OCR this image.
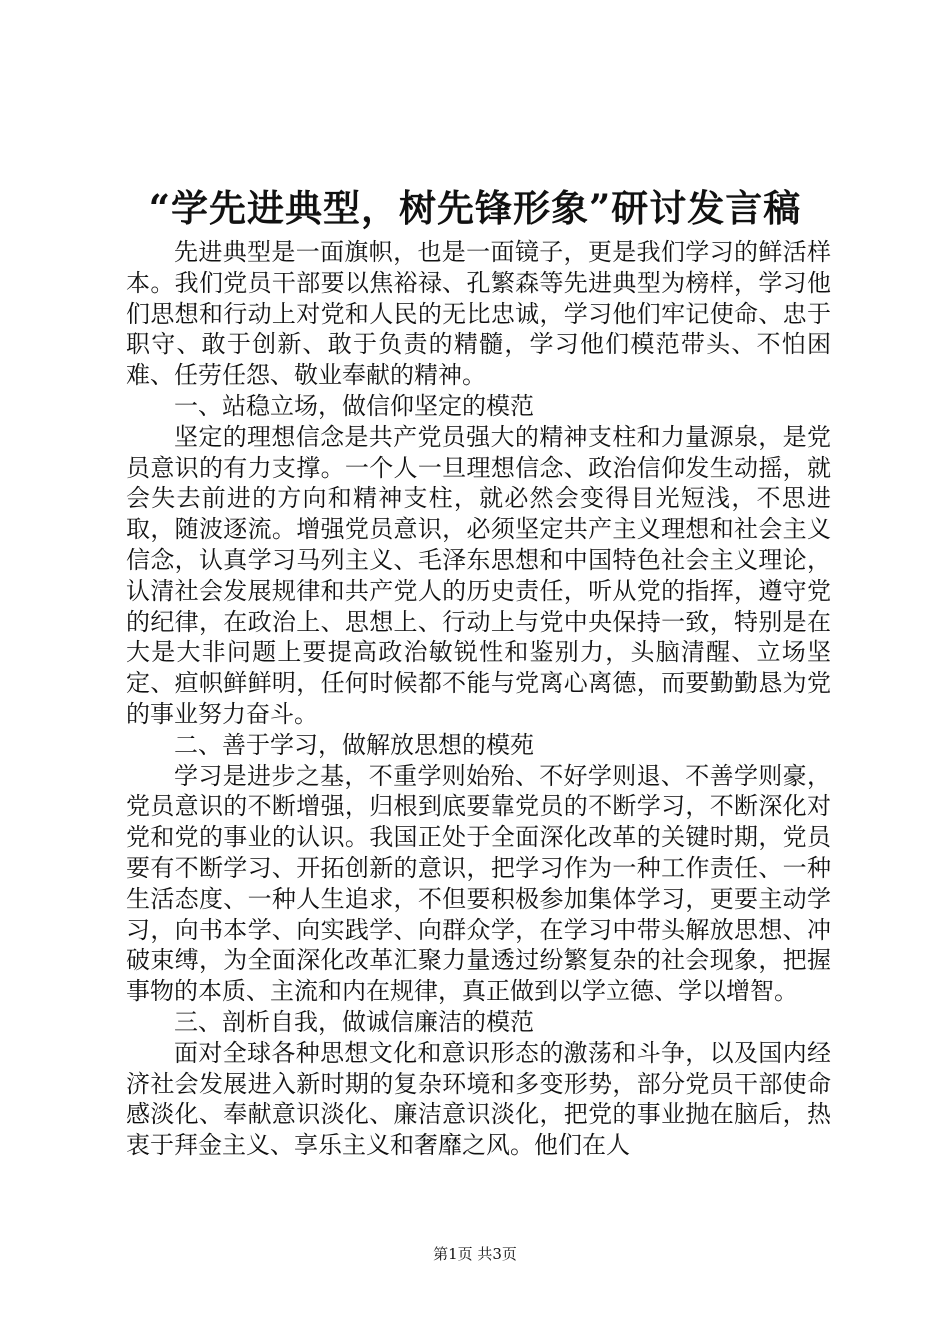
“学先进典型，树先锋形象”研讨发言稿

先进典型是一面旗帜，也是一面镜子，更是我们学习的鲜活样本。我们党员干部要以焦裕禄、孔繁森等先进典型为榜样，学习他们思想和行动上对党和人民的无比忠诚，学习他们牢记使命、忠于职守、敢于创新、敢于负责的精髓，学习他们模范带头、不怕困难、任劳任怨、敬业奉献的精神。

一、站稳立场，做信仰坚定的模范

坚定的理想信念是共产党员强大的精神支柱和力量源泉，是党员意识的有力支撑。一个人一旦理想信念、政治信仰发生动摇，就会失去前进的方向和精神支柱，就必然会变得目光短浅，不思进取，随波逐流。增强党员意识，必须坚定共产主义理想和社会主义信念，认真学习马列主义、毛泽东思想和中国特色社会主义理论，认清社会发展规律和共产党人的历史责任，听从党的指挥，遵守党的纪律，在政治上、思想上、行动上与党中央保持一致，特别是在大是大非问题上要提高政治敏锐性和鉴别力，头脑清醒、立场坚定、疸帜鲜鲜明，任何时候都不能与党离心离德，而要勤勤恳为党的事业努力奋斗。

二、善于学习，做解放思想的模苑

学习是进步之基，不重学则始殆、不好学则退、不善学则豪，党员意识的不断增强，归根到底要靠党员的不断学习，不断深化对党和党的事业的认识。我国正处于全面深化改革的关键时期，党员要有不断学习、开拓创新的意识，把学习作为一种工作责任、一种生活态度、一种人生追求，不但要积极参加集体学习，更要主动学习，向书本学、向实践学、向群众学，在学习中带头解放思想、冲破束缚，为全面深化改革汇聚力量透过纷繁复杂的社会现象，把握事物的本质、主流和内在规律，真正做到以学立德、学以增智。

三、剖析自我，做诚信廉洁的模范

面对全球各种思想文化和意识形态的激荡和斗争，以及国内经济社会发展进入新时期的复杂环境和多变形势，部分党员干部使命感淡化、奉献意识淡化、廉洁意识淡化，把党的事业抛在脑后，热衷于拜金主义、享乐主义和奢靡之风。他们在人

第1页 共3页
